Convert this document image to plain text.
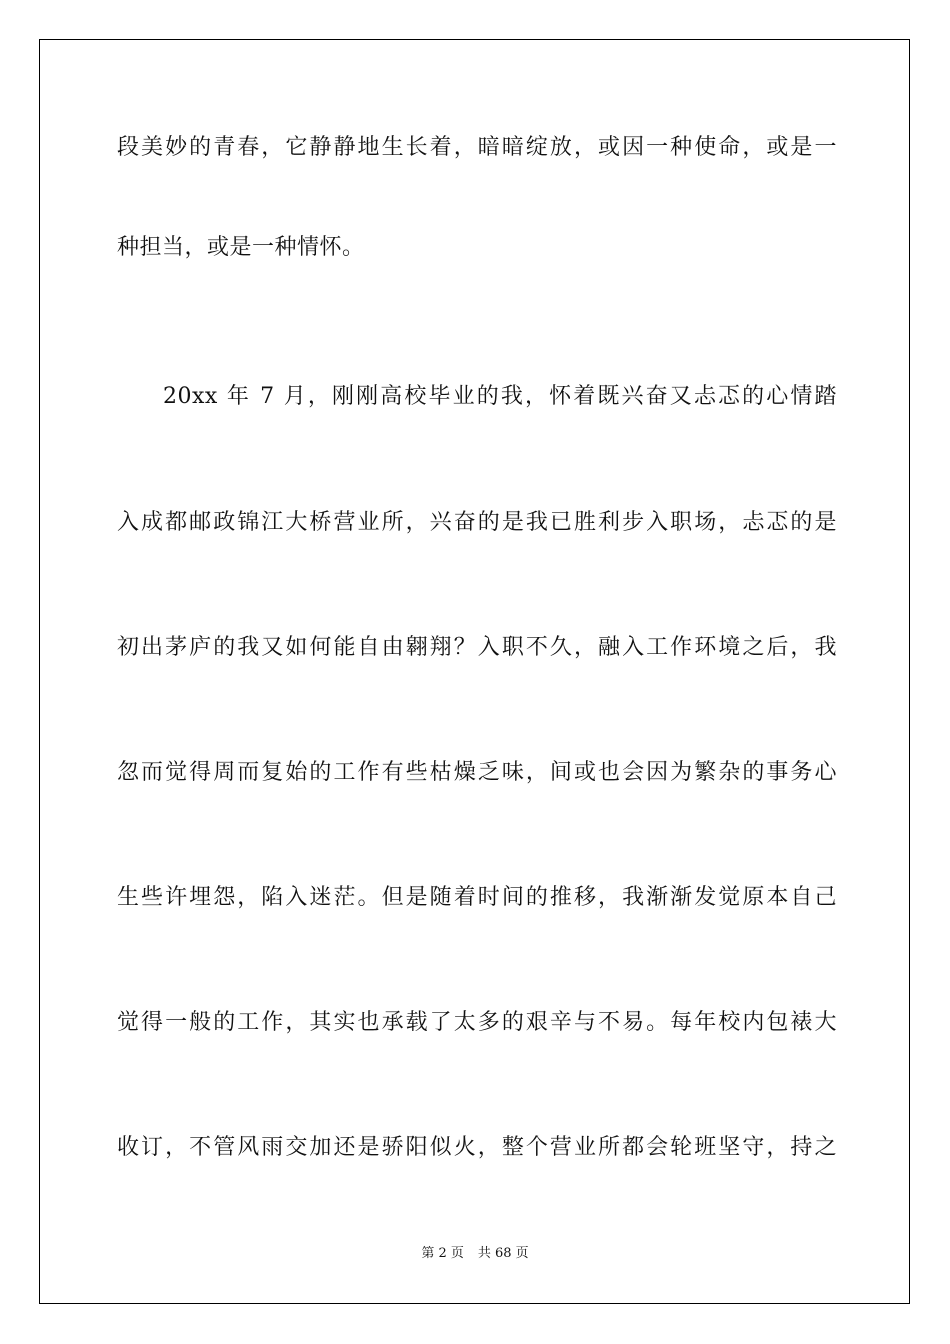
段美妙的青春，它静静地生长着，暗暗绽放，或因一种使命，或是一
种担当，或是一种情怀。
20xx 年 7 月，刚刚高校毕业的我，怀着既兴奋又忐忑的心情踏
入成都邮政锦江大桥营业所，兴奋的是我已胜利步入职场，忐忑的是
初出茅庐的我又如何能自由翱翔？入职不久，融入工作环境之后，我
忽而觉得周而复始的工作有些枯燥乏味，间或也会因为繁杂的事务心
生些许埋怨，陷入迷茫。但是随着时间的推移，我渐渐发觉原本自己
觉得一般的工作，其实也承载了太多的艰辛与不易。每年校内包裱大
收订，不管风雨交加还是骄阳似火，整个营业所都会轮班坚守，持之
第 2 页 共 68 页
